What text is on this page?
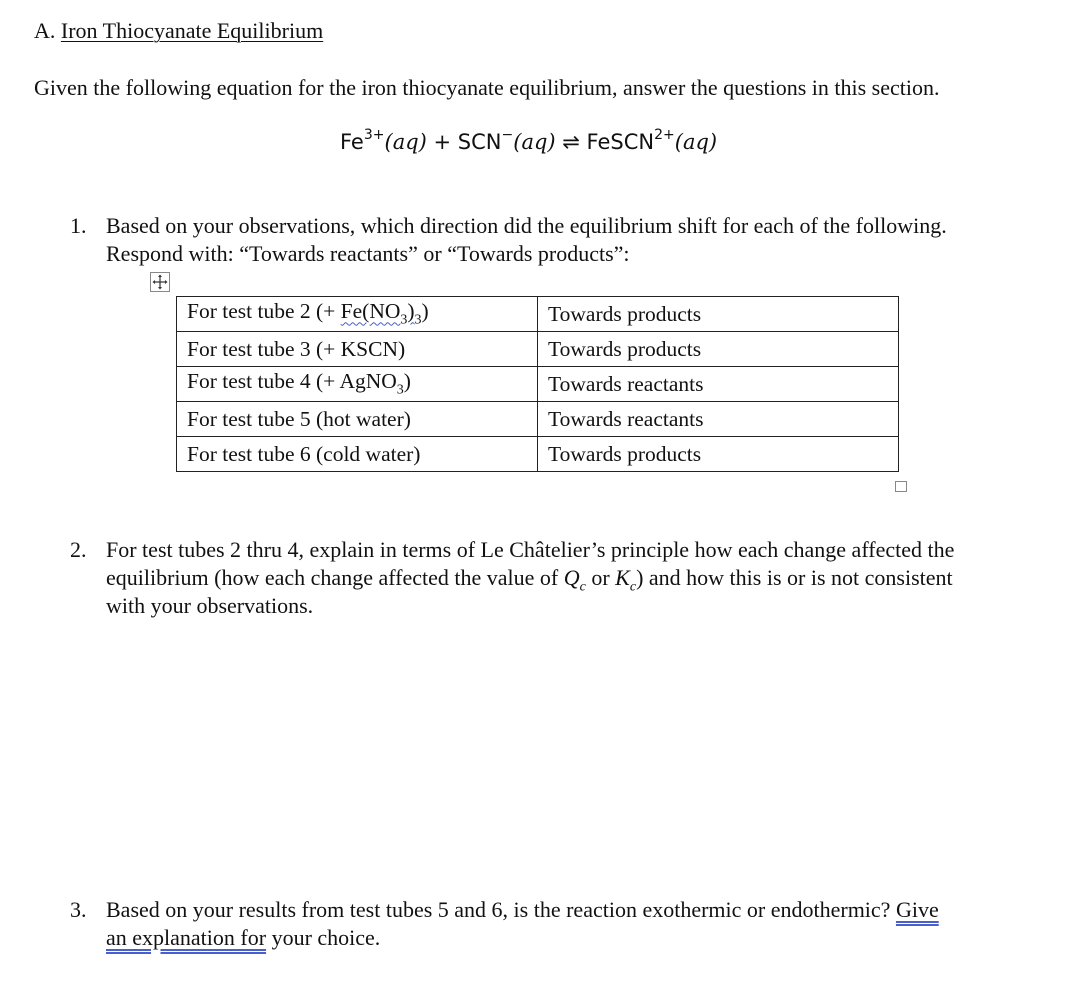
A. Iron Thiocyanate Equilibrium
Given the following equation for the iron thiocyanate equilibrium, answer the questions in this section.
$Fe^{3+}(aq) + SCN^-(aq)$ ⇌ FeSCN$^{2+}$(aq)
1. Based on your observations, which direction did the equilibrium shift for each of the following.
Respond with: “Towards reactants” or “Towards products”:
For test tube 2 (+ $Fe(NO_3)_3$)	Towards products
For test tube 3 (+ KSCN)	Towards products
For test tube 4 (+ AgNO$_3$)	Towards reactants
For test tube 5 (hot water)	Towards reactants
For test tube 6 (cold water)	Towards products
2. For test tubes 2 thru 4, explain in terms of Le Châtelier’s principle how each change affected the
equilibrium (how each change affected the value of $Q_c$ or $K_c$) and how this is or is not consistent
with your observations.
3. Based on your results from test tubes 5 and 6, is the reaction exothermic or endothermic? Give
an explanation for your choice.
